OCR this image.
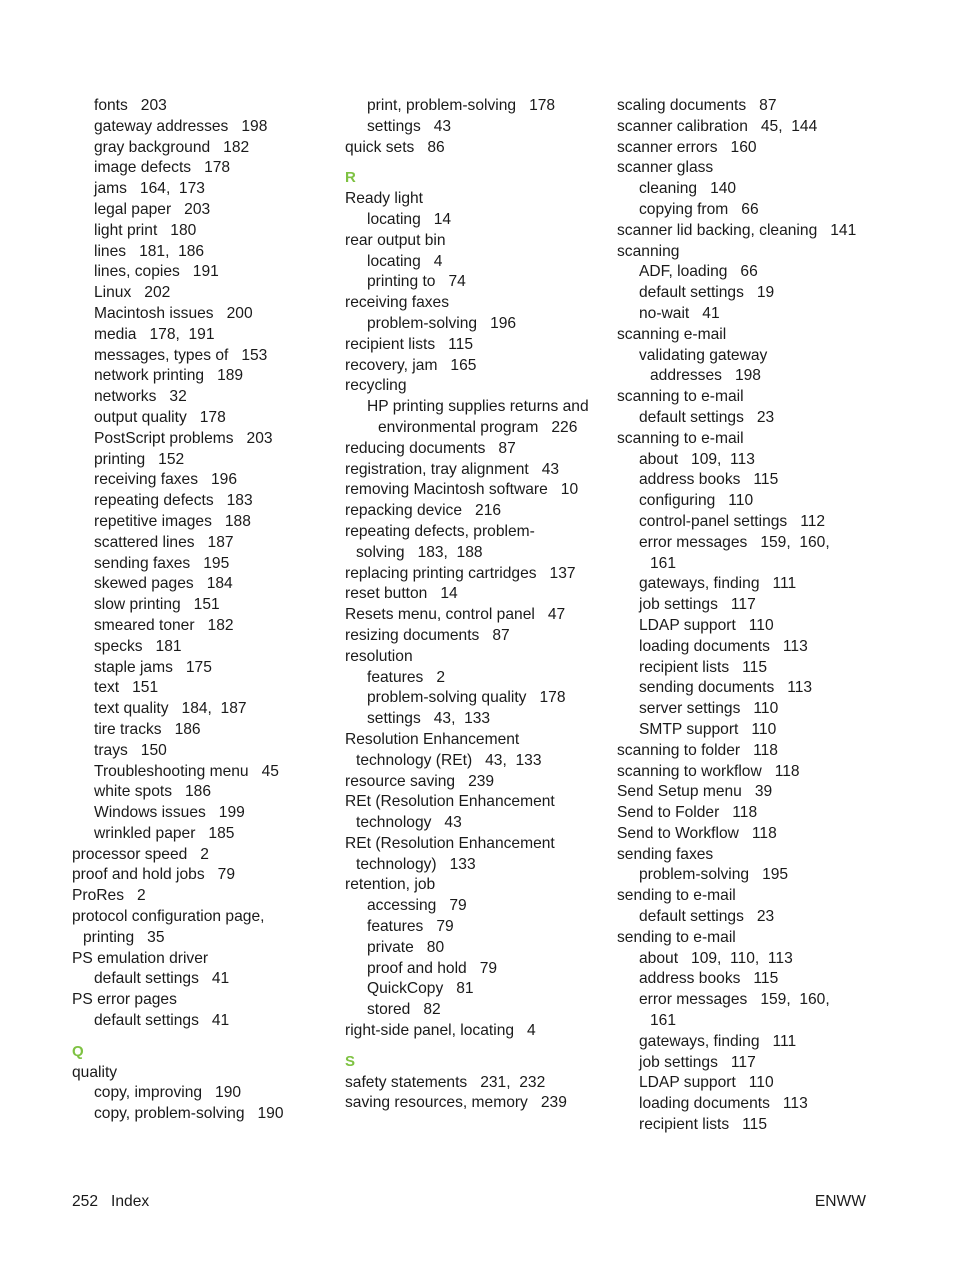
fonts   203
gateway addresses   198
gray background   182
image defects   178
jams   164,  173
legal paper   203
light print   180
lines   181,  186
lines, copies   191
Linux   202
Macintosh issues   200
media   178,  191
messages, types of   153
network printing   189
networks   32
output quality   178
PostScript problems   203
printing   152
receiving faxes   196
repeating defects   183
repetitive images   188
scattered lines   187
sending faxes   195
skewed pages   184
slow printing   151
smeared toner   182
specks   181
staple jams   175
text   151
text quality   184,  187
tire tracks   186
trays   150
Troubleshooting menu   45
white spots   186
Windows issues   199
wrinkled paper   185
processor speed   2
proof and hold jobs   79
ProRes   2
protocol configuration page,
printing   35
PS emulation driver
default settings   41
PS error pages
default settings   41
Q
quality
copy, improving   190
copy, problem-solving   190
print, problem-solving   178
settings   43
quick sets   86
R
Ready light
locating   14
rear output bin
locating   4
printing to   74
receiving faxes
problem-solving   196
recipient lists   115
recovery, jam   165
recycling
HP printing supplies returns and
environmental program   226
reducing documents   87
registration, tray alignment   43
removing Macintosh software   10
repacking device   216
repeating defects, problem-
solving   183,  188
replacing printing cartridges   137
reset button   14
Resets menu, control panel   47
resizing documents   87
resolution
features   2
problem-solving quality   178
settings   43,  133
Resolution Enhancement
technology (REt)   43,  133
resource saving   239
REt (Resolution Enhancement
technology   43
REt (Resolution Enhancement
technology)   133
retention, job
accessing   79
features   79
private   80
proof and hold   79
QuickCopy   81
stored   82
right-side panel, locating   4
S
safety statements   231,  232
saving resources, memory   239
scaling documents   87
scanner calibration   45,  144
scanner errors   160
scanner glass
cleaning   140
copying from   66
scanner lid backing, cleaning   141
scanning
ADF, loading   66
default settings   19
no-wait   41
scanning e-mail
validating gateway
addresses   198
scanning to e-mail
default settings   23
scanning to e-mail
about   109,  113
address books   115
configuring   110
control-panel settings   112
error messages   159,  160,
161
gateways, finding   111
job settings   117
LDAP support   110
loading documents   113
recipient lists   115
sending documents   113
server settings   110
SMTP support   110
scanning to folder   118
scanning to workflow   118
Send Setup menu   39
Send to Folder   118
Send to Workflow   118
sending faxes
problem-solving   195
sending to e-mail
default settings   23
sending to e-mail
about   109,  110,  113
address books   115
error messages   159,  160,
161
gateways, finding   111
job settings   117
LDAP support   110
loading documents   113
recipient lists   115
252   Index	ENWW
